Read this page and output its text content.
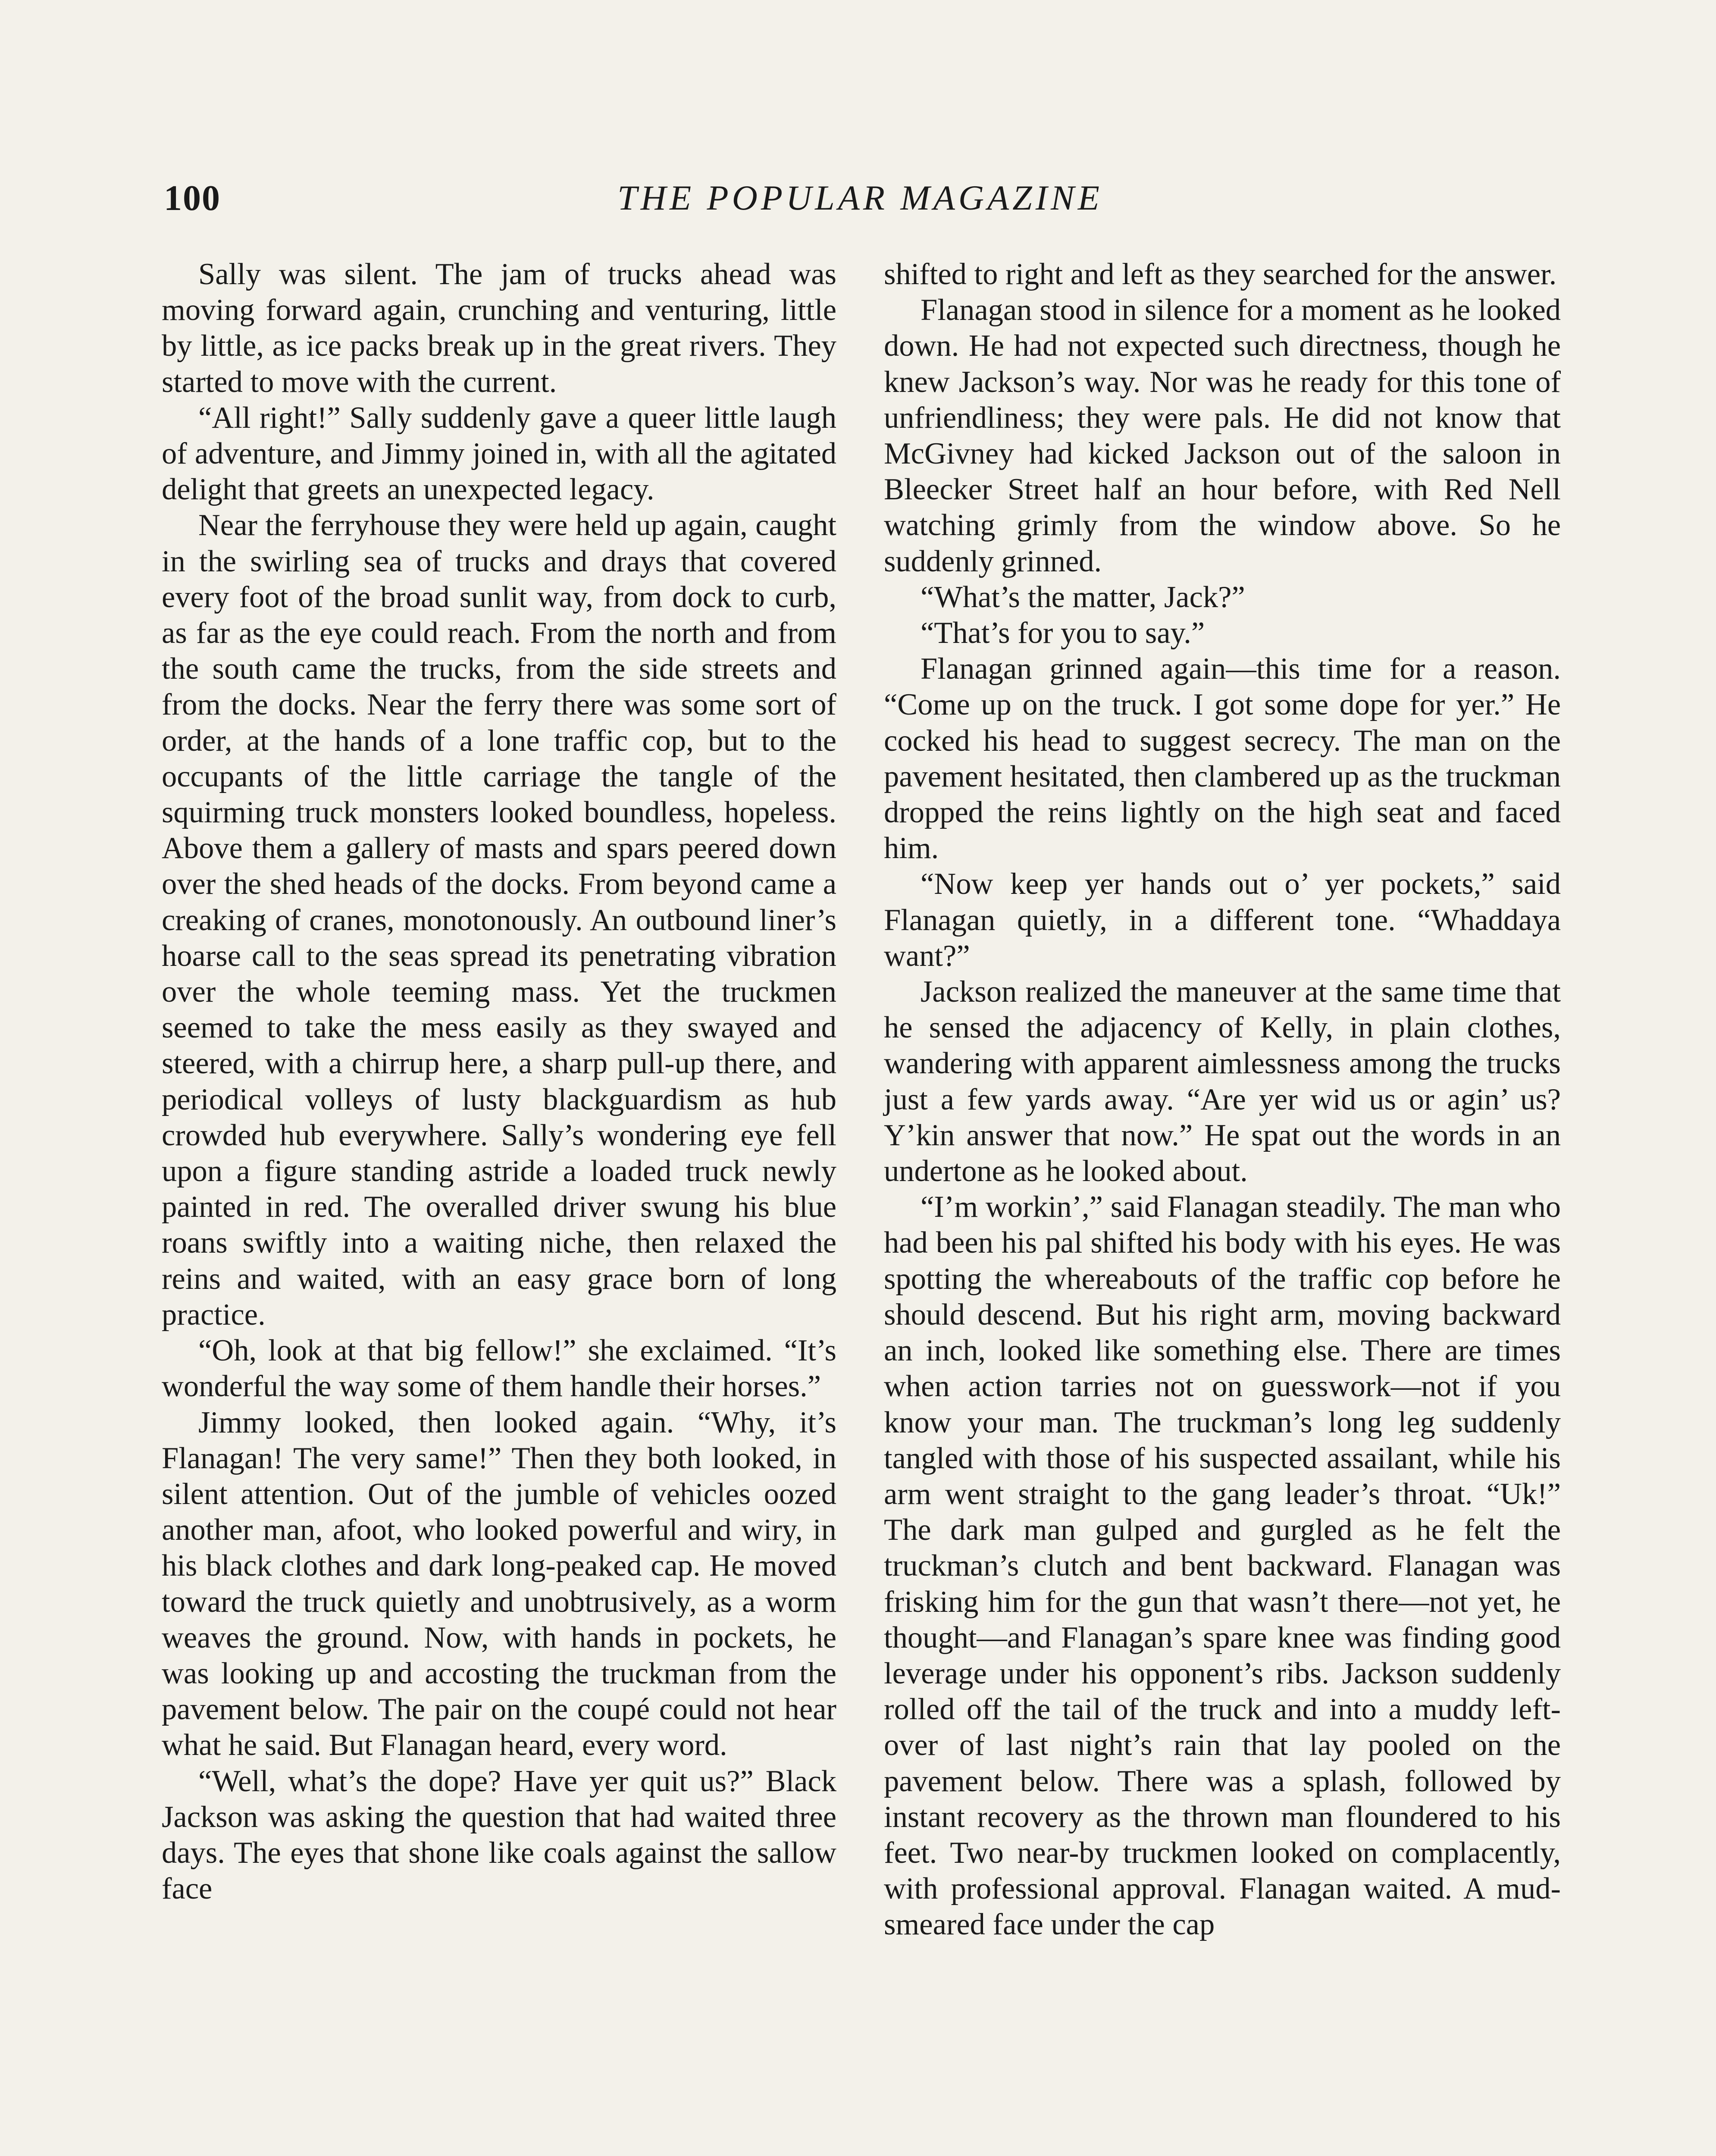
100	THE POPULAR MAGAZINE

Sally was silent. The jam of trucks ahead was moving forward again, crunching and venturing, little by little, as ice packs break up in the great rivers. They started to move with the current.

“All right!” Sally suddenly gave a queer little laugh of adventure, and Jimmy joined in, with all the agitated delight that greets an unexpected legacy.

Near the ferryhouse they were held up again, caught in the swirling sea of trucks and drays that covered every foot of the broad sunlit way, from dock to curb, as far as the eye could reach. From the north and from the south came the trucks, from the side streets and from the docks. Near the ferry there was some sort of order, at the hands of a lone traffic cop, but to the occupants of the little carriage the tangle of the squirming truck monsters looked boundless, hopeless. Above them a gallery of masts and spars peered down over the shed heads of the docks. From beyond came a creaking of cranes, monotonously. An outbound liner’s hoarse call to the seas spread its penetrating vibration over the whole teeming mass. Yet the truckmen seemed to take the mess easily as they swayed and steered, with a chirrup here, a sharp pull-up there, and periodical volleys of lusty blackguardism as hub crowded hub everywhere. Sally’s wondering eye fell upon a figure standing astride a loaded truck newly painted in red. The overalled driver swung his blue roans swiftly into a waiting niche, then relaxed the reins and waited, with an easy grace born of long practice.

“Oh, look at that big fellow!” she exclaimed. “It’s wonderful the way some of them handle their horses.”

Jimmy looked, then looked again. “Why, it’s Flanagan! The very same!” Then they both looked, in silent attention. Out of the jumble of vehicles oozed another man, afoot, who looked powerful and wiry, in his black clothes and dark long-peaked cap. He moved toward the truck quietly and unobtrusively, as a worm weaves the ground. Now, with hands in pockets, he was looking up and accosting the truckman from the pavement below. The pair on the coupé could not hear what he said. But Flanagan heard, every word.

“Well, what’s the dope? Have yer quit us?” Black Jackson was asking the question that had waited three days. The eyes that shone like coals against the sallow face

shifted to right and left as they searched for the answer.

Flanagan stood in silence for a moment as he looked down. He had not expected such directness, though he knew Jackson’s way. Nor was he ready for this tone of unfriendliness; they were pals. He did not know that McGivney had kicked Jackson out of the saloon in Bleecker Street half an hour before, with Red Nell watching grimly from the window above. So he suddenly grinned.

“What’s the matter, Jack?”

“That’s for you to say.”

Flanagan grinned again—this time for a reason. “Come up on the truck. I got some dope for yer.” He cocked his head to suggest secrecy. The man on the pavement hesitated, then clambered up as the truckman dropped the reins lightly on the high seat and faced him.

“Now keep yer hands out o’ yer pockets,” said Flanagan quietly, in a different tone. “Whaddaya want?”

Jackson realized the maneuver at the same time that he sensed the adjacency of Kelly, in plain clothes, wandering with apparent aimlessness among the trucks just a few yards away. “Are yer wid us or agin’ us? Y’kin answer that now.” He spat out the words in an undertone as he looked about.

“I’m workin’,” said Flanagan steadily. The man who had been his pal shifted his body with his eyes. He was spotting the whereabouts of the traffic cop before he should descend. But his right arm, moving backward an inch, looked like something else. There are times when action tarries not on guesswork—not if you know your man. The truckman’s long leg suddenly tangled with those of his suspected assailant, while his arm went straight to the gang leader’s throat. “Uk!” The dark man gulped and gurgled as he felt the truckman’s clutch and bent backward. Flanagan was frisking him for the gun that wasn’t there—not yet, he thought—and Flanagan’s spare knee was finding good leverage under his opponent’s ribs. Jackson suddenly rolled off the tail of the truck and into a muddy left-over of last night’s rain that lay pooled on the pavement below. There was a splash, followed by instant recovery as the thrown man floundered to his feet. Two near-by truckmen looked on complacently, with professional approval. Flanagan waited. A mud-smeared face under the cap
